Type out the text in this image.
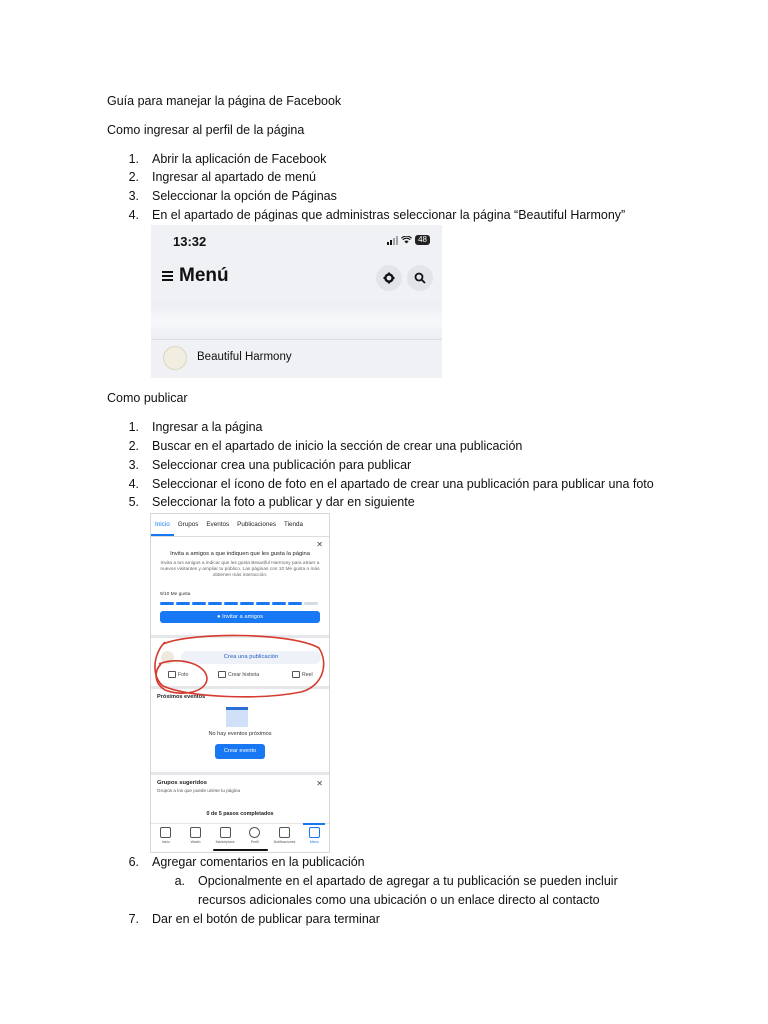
Guía para manejar la página de Facebook
Como ingresar al perfil de la página
1. Abrir la aplicación de Facebook
2. Ingresar al apartado de menú
3. Seleccionar la opción de Páginas
4. En el apartado de páginas que administras seleccionar la página “Beautiful Harmony”
13:32	48
Menú
Beautiful Harmony
Como publicar
1. Ingresar a la página
2. Buscar en el apartado de inicio la sección de crear una publicación
3. Seleccionar crea una publicación para publicar
4. Seleccionar el ícono de foto en el apartado de crear una publicación para publicar una foto
5. Seleccionar la foto a publicar y dar en siguiente
Inicio	Grupos	Eventos	Publicaciones	Tienda
✕
Invita a amigos a que indiquen que les gusta la página
Invita a tus amigos a indicar que les gusta Beautiful Harmony para atraer a nuevos visitantes y ampliar tu público. Las páginas con 10 Me gusta o más obtienen más interacción.
9/10 Me gusta
● Invitar a amigos
Crea una publicación
Foto	Crear historia	Reel
Próximos eventos
No hay eventos próximos
Crear evento
Grupos sugeridos	✕
Grupos a los que puede unirse tu página
0 de 5 pasos completados
Inicio	Watch	Marketplace	Perfil	Notificaciones	Menú
6. Agregar comentarios en la publicación
a. Opcionalmente en el apartado de agregar a tu publicación se pueden incluir
recursos adicionales como una ubicación o un enlace directo al contacto
7. Dar en el botón de publicar para terminar
